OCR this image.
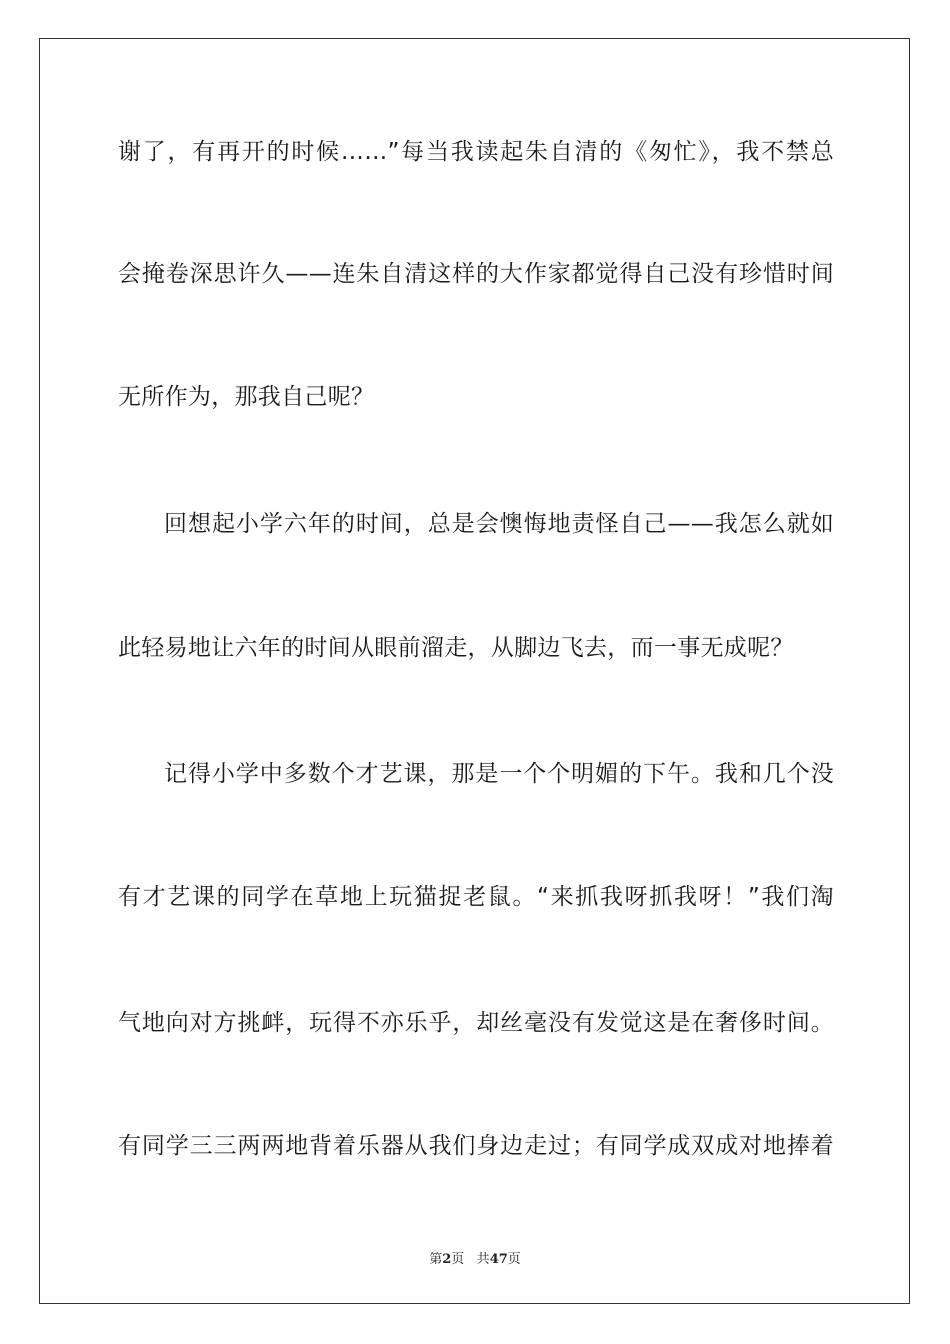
谢了，有再开的时候……”每当我读起朱自清的《匆忙》，我不禁总
会掩卷深思许久——连朱自清这样的大作家都觉得自己没有珍惜时间
无所作为，那我自己呢？
回想起小学六年的时间，总是会懊悔地责怪自己——我怎么就如
此轻易地让六年的时间从眼前溜走，从脚边飞去，而一事无成呢？
记得小学中多数个才艺课，那是一个个明媚的下午。我和几个没
有才艺课的同学在草地上玩猫捉老鼠。“来抓我呀抓我呀！”我们淘
气地向对方挑衅，玩得不亦乐乎，却丝毫没有发觉这是在奢侈时间。
有同学三三两两地背着乐器从我们身边走过；有同学成双成对地捧着
第2页 共47页
